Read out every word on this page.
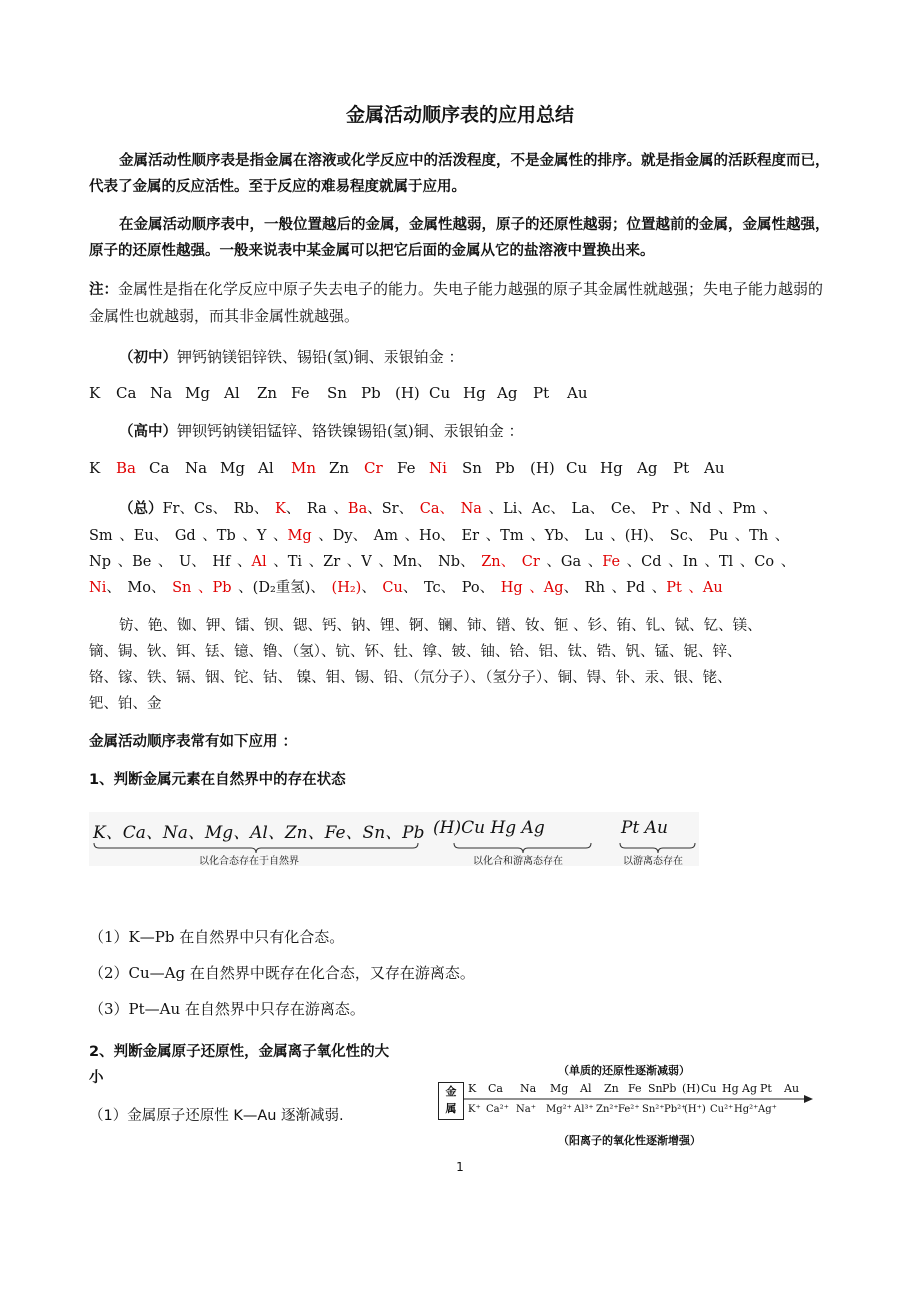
金属活动顺序表的应用总结
金属活动性顺序表是指金属在溶液或化学反应中的活泼程度，不是金属性的排序。就是指金属的活跃程度而已，代表了金属的反应活性。至于反应的难易程度就属于应用。
在金属活动顺序表中，一般位置越后的金属，金属性越弱，原子的还原性越弱；位置越前的金属，金属性越强，原子的还原性越强。一般来说表中某金属可以把它后面的金属从它的盐溶液中置换出来。
注：金属性是指在化学反应中原子失去电子的能力。失电子能力越强的原子其金属性就越强；失电子能力越弱的金属性也就越弱，而其非金属性就越强。
（初中）钾钙钠镁铝锌铁、锡铅(氢)铜、汞银铂金 ：
K Ca Na Mg Al Zn Fe Sn Pb (H) Cu Hg Ag Pt Au
（高中）钾钡钙钠镁铝锰锌、铬铁镍锡铅(氢)铜、汞银铂金 ：
K Ba Ca Na Mg Al Mn Zn Cr Fe Ni Sn Pb (H) Cu Hg Ag Pt Au
（总）Fr、Cs、 Rb、 K、 Ra 、Ba、Sr、 Ca、 Na 、Li、Ac、 La、 Ce、 Pr 、Nd 、Pm 、
Sm 、Eu、 Gd 、Tb 、Y 、Mg 、Dy、 Am 、Ho、 Er 、Tm 、Yb、 Lu 、(H)、 Sc、 Pu 、Th 、
Np 、Be 、 U、 Hf 、Al 、Ti 、Zr 、V 、Mn、 Nb、 Zn、 Cr 、Ga 、Fe 、Cd 、In 、Tl 、Co 、
Ni、 Mo、 Sn 、Pb 、(D₂重氢)、 (H₂)、 Cu、 Tc、 Po、 Hg 、Ag、 Rh 、Pd 、Pt 、Au
钫、铯、铷、钾、镭、钡、锶、钙、钠、锂、锕、镧、铈、镨、钕、钷 、钐、铕、钆、铽、钇、镁、
镝、锔、钬、铒、铥、镱、镥、（氢）、钪、钚、钍、镎、铍、铀、铪、铝、钛、锆、钒、锰、铌、锌、
铬、镓、铁、镉、铟、铊、钴、 镍、钼、锡、铅、（氘分子）、（氢分子）、铜、锝、钋、汞、银、铑、
钯、铂、金
金属活动顺序表常有如下应用 ：
1、判断金属元素在自然界中的存在状态
K、Ca、Na、Mg、Al、Zn、Fe、Sn、Pb
以化合态存在于自然界
(H)Cu Hg Ag
以化合和游离态存在
Pt Au
以游离态存在
（1）K—Pb 在自然界中只有化合态。
（2）Cu—Ag 在自然界中既存在化合态，又存在游离态。
（3）Pt—Au 在自然界中只存在游离态。
2、判断金属原子还原性，金属离子氧化性的大
小
（1）金属原子还原性 K—Au 逐渐减弱.
（单质的还原性逐渐减弱）
金
属
K Ca Na Mg Al Zn Fe Sn Pb (H) Cu Hg Ag Pt Au
K⁺ Ca²⁺ Na⁺ Mg²⁺ Al³⁺ Zn²⁺ Fe²⁺ Sn²⁺ Pb²⁺
(H⁺) Cu²⁺ Hg²⁺ Ag⁺
（阳离子的氧化性逐渐增强）
1
